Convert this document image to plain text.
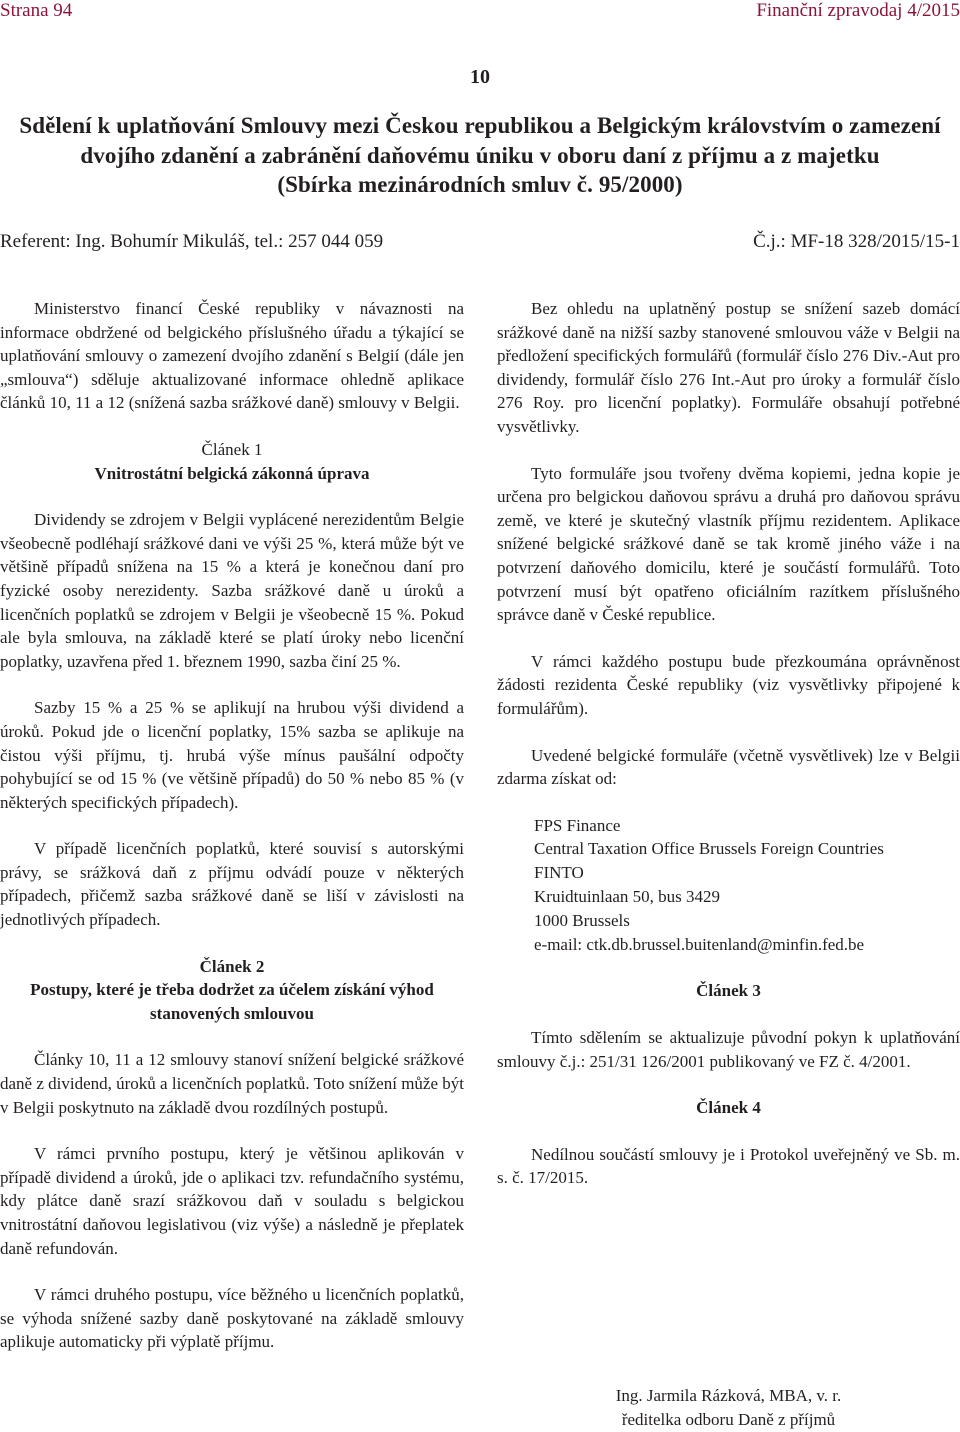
Strana 94	Finanční zpravodaj 4/2015
10
Sdělení k uplatňování Smlouvy mezi Českou republikou a Belgickým královstvím o zamezení
dvojího zdanění a zabránění daňovému úniku v oboru daní z příjmu a z majetku
(Sbírka mezinárodních smluv č. 95/2000)
Referent: Ing. Bohumír Mikuláš, tel.: 257 044 059	Č.j.: MF-18 328/2015/15-1

Ministerstvo financí České republiky v návaznosti na informace obdržené od belgického příslušného úřadu a týkající se uplatňování smlouvy o zamezení dvojího zdanění s Belgií (dále jen „smlouva“) sděluje aktualizované informace ohledně aplikace článků 10, 11 a 12 (snížená sazba srážkové daně) smlouvy v Belgii.

Článek 1

Vnitrostátní belgická zákonná úprava

Dividendy se zdrojem v Belgii vyplácené nerezidentům Belgie všeobecně podléhají srážkové dani ve výši 25 %, která může být ve většině případů snížena na 15 % a která je konečnou daní pro fyzické osoby nerezidenty. Sazba srážkové daně u úroků a licenčních poplatků se zdrojem v Belgii je všeobecně 15 %. Pokud ale byla smlouva, na základě které se platí úroky nebo licenční poplatky, uzavřena před 1. březnem 1990, sazba činí 25 %.

Sazby 15 % a 25 % se aplikují na hrubou výši dividend a úroků. Pokud jde o licenční poplatky, 15% sazba se aplikuje na čistou výši příjmu, tj. hrubá výše mínus paušální odpočty pohybující se od 15 % (ve většině případů) do 50 % nebo 85 % (v některých specifických případech).

V případě licenčních poplatků, které souvisí s autorskými právy, se srážková daň z příjmu odvádí pouze v některých případech, přičemž sazba srážkové daně se liší v závislosti na jednotlivých případech.

Článek 2

Postupy, které je třeba dodržet za účelem získání výhod stanovených smlouvou

Články 10, 11 a 12 smlouvy stanoví snížení belgické srážkové daně z dividend, úroků a licenčních poplatků. Toto snížení může být v Belgii poskytnuto na základě dvou rozdílných postupů.

V rámci prvního postupu, který je většinou aplikován v případě dividend a úroků, jde o aplikaci tzv. refundačního systému, kdy plátce daně srazí srážkovou daň v souladu s belgickou vnitrostátní daňovou legislativou (viz výše) a následně je přeplatek daně refundován.

V rámci druhého postupu, více běžného u licenčních poplatků, se výhoda snížené sazby daně poskytované na základě smlouvy aplikuje automaticky při výplatě příjmu.

Bez ohledu na uplatněný postup se snížení sazeb domácí srážkové daně na nižší sazby stanovené smlouvou váže v Belgii na předložení specifických formulářů (formulář číslo 276 Div.-Aut pro dividendy, formulář číslo 276 Int.-Aut pro úroky a formulář číslo 276 Roy. pro licenční poplatky). Formuláře obsahují potřebné vysvětlivky.

Tyto formuláře jsou tvořeny dvěma kopiemi, jedna kopie je určena pro belgickou daňovou správu a druhá pro daňovou správu země, ve které je skutečný vlastník příjmu rezidentem. Aplikace snížené belgické srážkové daně se tak kromě jiného váže i na potvrzení daňového domicilu, které je součástí formulářů. Toto potvrzení musí být opatřeno oficiálním razítkem příslušného správce daně v České republice.

V rámci každého postupu bude přezkoumána oprávněnost žádosti rezidenta České republiky (viz vysvětlivky připojené k formulářům).

Uvedené belgické formuláře (včetně vysvětlivek) lze v Belgii zdarma získat od:

FPS Finance
Central Taxation Office Brussels Foreign Countries
FINTO
Kruidtuinlaan 50, bus 3429
1000 Brussels
e-mail: ctk.db.brussel.buitenland@minfin.fed.be

Článek 3

Tímto sdělením se aktualizuje původní pokyn k uplatňování smlouvy č.j.: 251/31 126/2001 publikovaný ve FZ č. 4/2001.

Článek 4

Nedílnou součástí smlouvy je i Protokol uveřejněný ve Sb. m. s. č. 17/2015.

Ing. Jarmila Rázková, MBA, v. r.
ředitelka odboru Daně z příjmů
